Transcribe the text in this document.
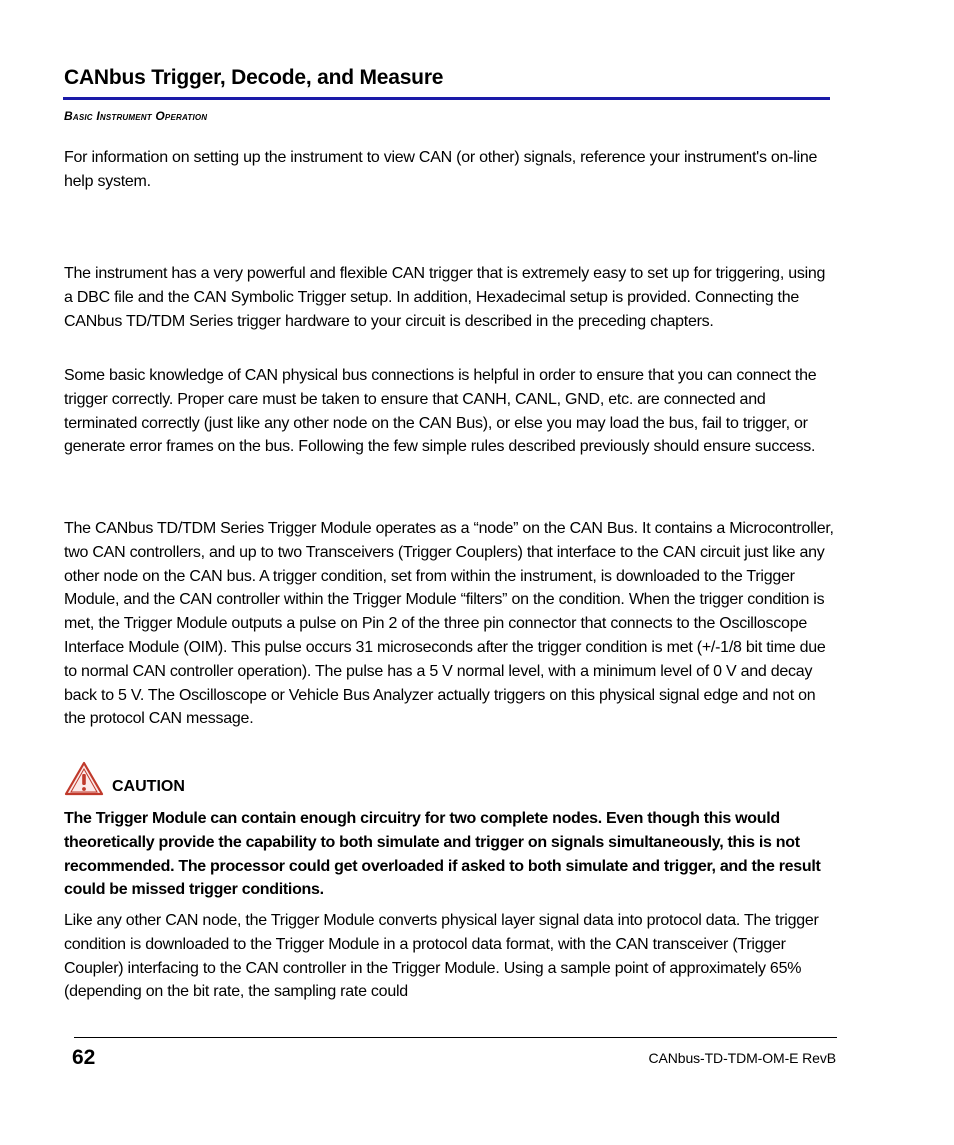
CANbus Trigger, Decode, and Measure
Basic Instrument Operation
For information on setting up the instrument to view CAN (or other) signals, reference your instrument's on-line help system.
The instrument has a very powerful and flexible CAN trigger that is extremely easy to set up for triggering, using a DBC file and the CAN Symbolic Trigger setup. In addition, Hexadecimal setup is provided. Connecting the CANbus TD/TDM Series trigger hardware to your circuit is described in the preceding chapters.
Some basic knowledge of CAN physical bus connections is helpful in order to ensure that you can connect the trigger correctly. Proper care must be taken to ensure that CANH, CANL, GND, etc. are connected and terminated correctly (just like any other node on the CAN Bus), or else you may load the bus, fail to trigger, or generate error frames on the bus. Following the few simple rules described previously should ensure success.
The CANbus TD/TDM Series Trigger Module operates as a “node” on the CAN Bus. It contains a Microcontroller, two CAN controllers, and up to two Transceivers (Trigger Couplers) that interface to the CAN circuit just like any other node on the CAN bus. A trigger condition, set from within the instrument, is downloaded to the Trigger Module, and the CAN controller within the Trigger Module “filters” on the condition. When the trigger condition is met, the Trigger Module outputs a pulse on Pin 2 of the three pin connector that connects to the Oscilloscope Interface Module (OIM). This pulse occurs 31 microseconds after the trigger condition is met (+/-1/8 bit time due to normal CAN controller operation). The pulse has a 5 V normal level, with a minimum level of 0 V and decay back to 5 V. The Oscilloscope or Vehicle Bus Analyzer actually triggers on this physical signal edge and not on the protocol CAN message.
CAUTION
The Trigger Module can contain enough circuitry for two complete nodes. Even though this would theoretically provide the capability to both simulate and trigger on signals simultaneously, this is not recommended. The processor could get overloaded if asked to both simulate and trigger, and the result could be missed trigger conditions.
Like any other CAN node, the Trigger Module converts physical layer signal data into protocol data. The trigger condition is downloaded to the Trigger Module in a protocol data format, with the CAN transceiver (Trigger Coupler) interfacing to the CAN controller in the Trigger Module. Using a sample point of approximately 65% (depending on the bit rate, the sampling rate could
62	CANbus-TD-TDM-OM-E RevB
